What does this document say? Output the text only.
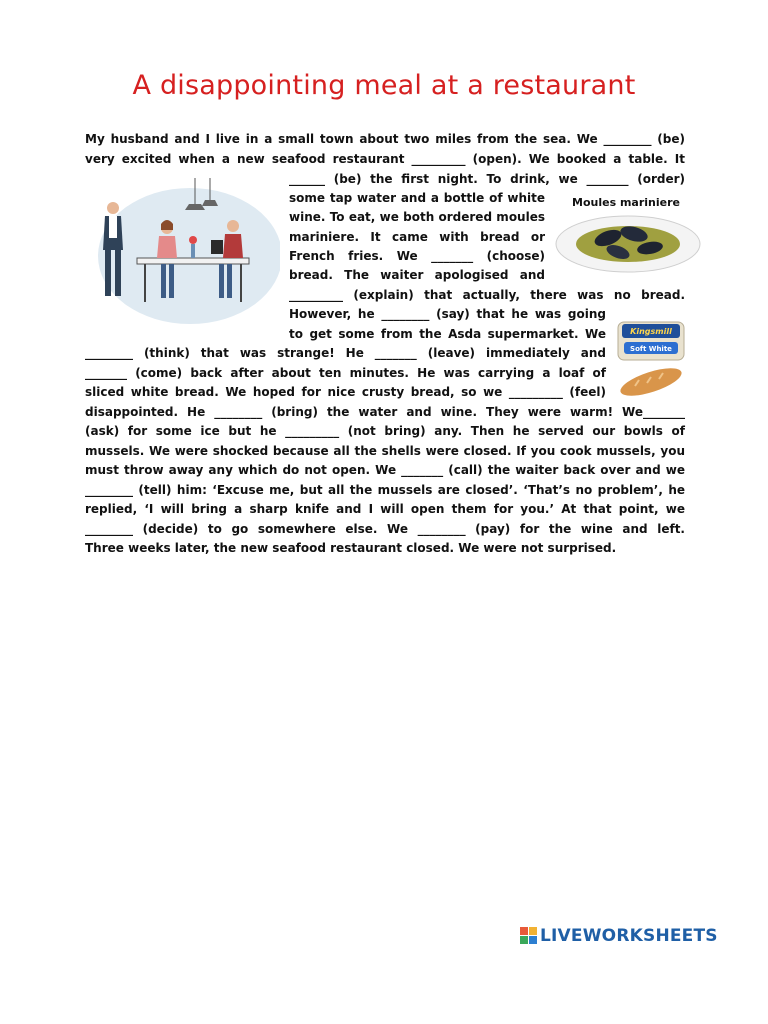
A disappointing meal at a restaurant
My husband and I live in a small town about two miles from the sea. We ________ (be)
very excited when a new seafood restaurant _________ (open). We booked a table. It
______ (be) the first night. To drink, we _______ (order)
some tap water and a bottle of white
wine. To eat, we both ordered moules
mariniere. It came with bread or
French fries. We _______ (choose)
bread. The waiter apologised and
_________ (explain) that actually, there was no bread.
However, he ________ (say) that he was going
to get some from the Asda supermarket. We
________ (think) that was strange! He _______ (leave) immediately and
_______ (come) back after about ten minutes. He was carrying a loaf of
sliced white bread. We hoped for nice crusty bread, so we _________ (feel)
disappointed. He ________ (bring) the water and wine. They were warm! We_______
(ask) for some ice but he _________ (not bring) any. Then he served our bowls of
mussels. We were shocked because all the shells were closed. If you cook mussels, you
must throw away any which do not open. We _______ (call) the waiter back over and we
________ (tell) him: ‘Excuse me, but all the mussels are closed’. ‘That’s no problem’, he
replied, ‘I will bring a sharp knife and I will open them for you.’ At that point, we
________ (decide) to go somewhere else. We ________ (pay) for the wine and left.
Three weeks later, the new seafood restaurant closed. We were not surprised.
Moules mariniere
Kingsmill
Soft White
LIVEWORKSHEETS
